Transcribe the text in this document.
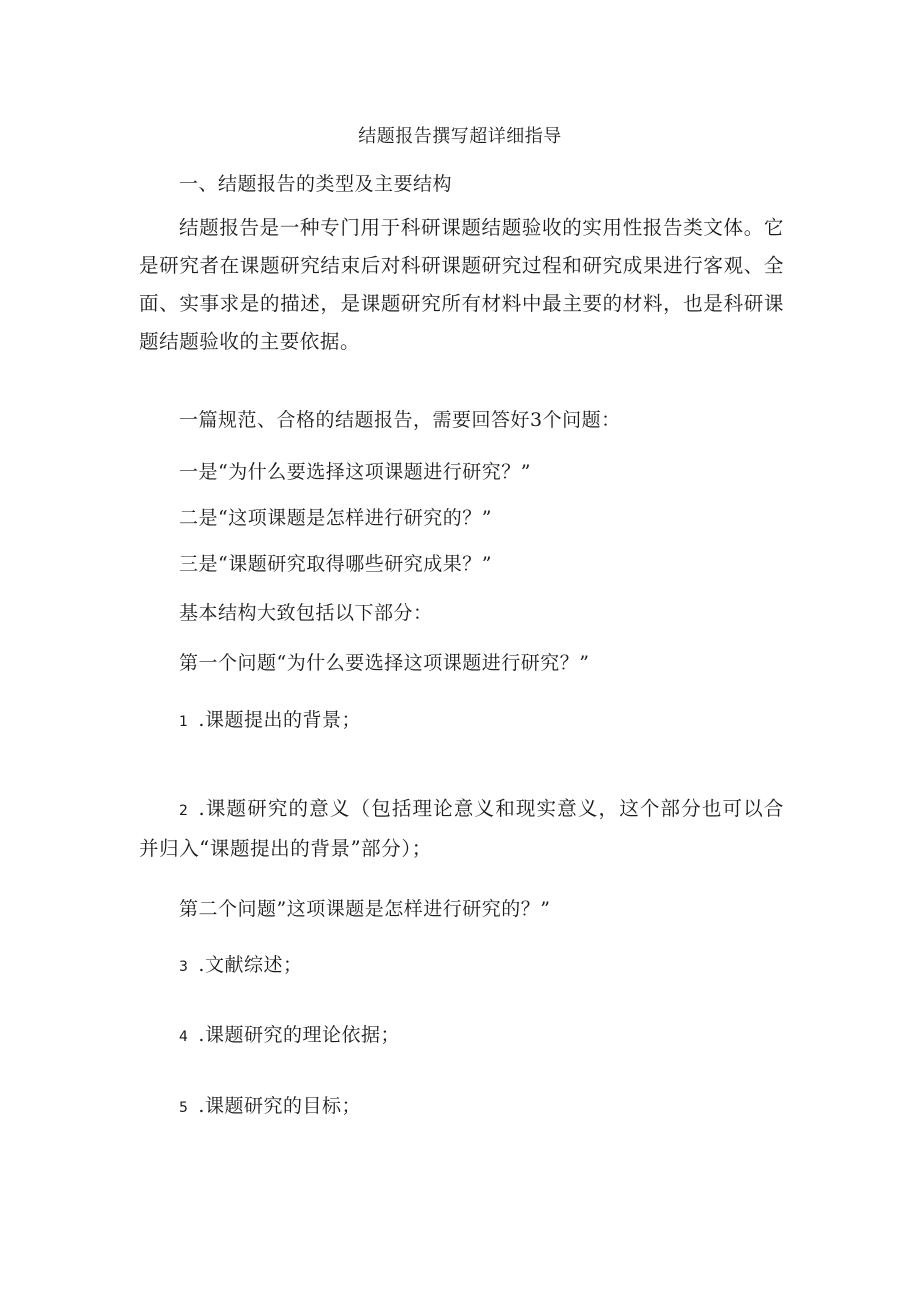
结题报告撰写超详细指导
一、结题报告的类型及主要结构
结题报告是一种专门用于科研课题结题验收的实用性报告类文体。它是研究者在课题研究结束后对科研课题研究过程和研究成果进行客观、全面、实事求是的描述，是课题研究所有材料中最主要的材料，也是科研课题结题验收的主要依据。
一篇规范、合格的结题报告，需要回答好3个问题：
一是“为什么要选择这项课题进行研究？”
二是“这项课题是怎样进行研究的？”
三是“课题研究取得哪些研究成果？”
基本结构大致包括以下部分：
第一个问题“为什么要选择这项课题进行研究？”
1 .课题提出的背景；
2 .课题研究的意义（包括理论意义和现实意义，这个部分也可以合并归入“课题提出的背景”部分）；
第二个问题”这项课题是怎样进行研究的？”
3 .文献综述；
4 .课题研究的理论依据；
5 .课题研究的目标；
